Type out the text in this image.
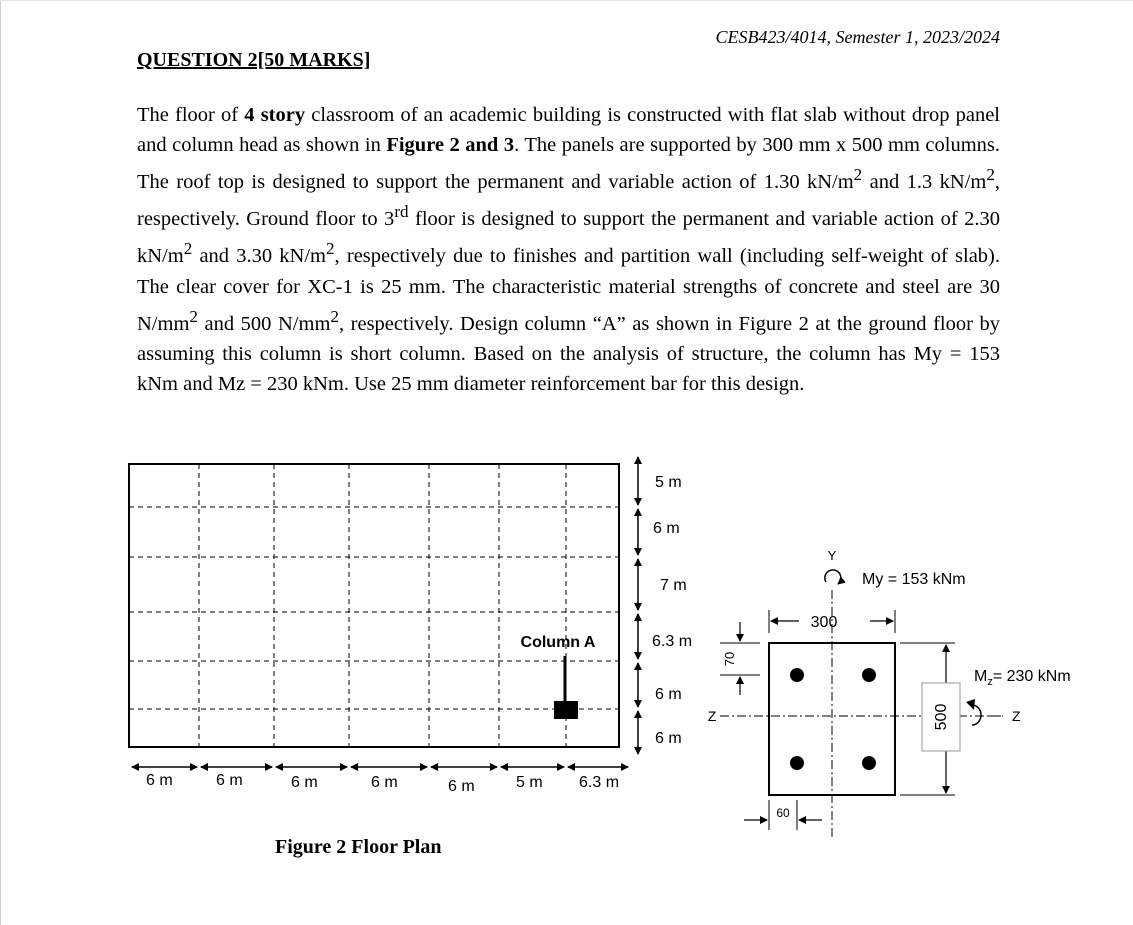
CESB423/4014, Semester 1, 2023/2024
QUESTION 2[50 MARKS]
The floor of 4 story classroom of an academic building is constructed with flat slab without drop panel and column head as shown in Figure 2 and 3. The panels are supported by 300 mm x 500 mm columns. The roof top is designed to support the permanent and variable action of 1.30 $kN/m^2$ and 1.3 $kN/m^2$, respectively. Ground floor to 3rd floor is designed to support the permanent and variable action of 2.30 $kN/m^2$ and 3.30 $kN/m^2$, respectively due to finishes and partition wall (including self-weight of slab). The clear cover for XC-1 is 25 mm. The characteristic material strengths of concrete and steel are 30 $N/mm^2$ and 500 $N/mm^2$, respectively. Design column “A” as shown in Figure 2 at the ground floor by assuming this column is short column. Based on the analysis of structure, the column has My = 153 kNm and Mz = 230 kNm. Use 25 mm diameter reinforcement bar for this design.
Column A
6 m	6 m	6 m	6 m	6 m	5 m 6.3 m
5 m
6 m
7 m
6.3 m
6 m
6 m
Y
Z
My = 153 kNm
300
500	Z
$M_z= 230$ kNm
70
60
Figure 2 Floor Plan
